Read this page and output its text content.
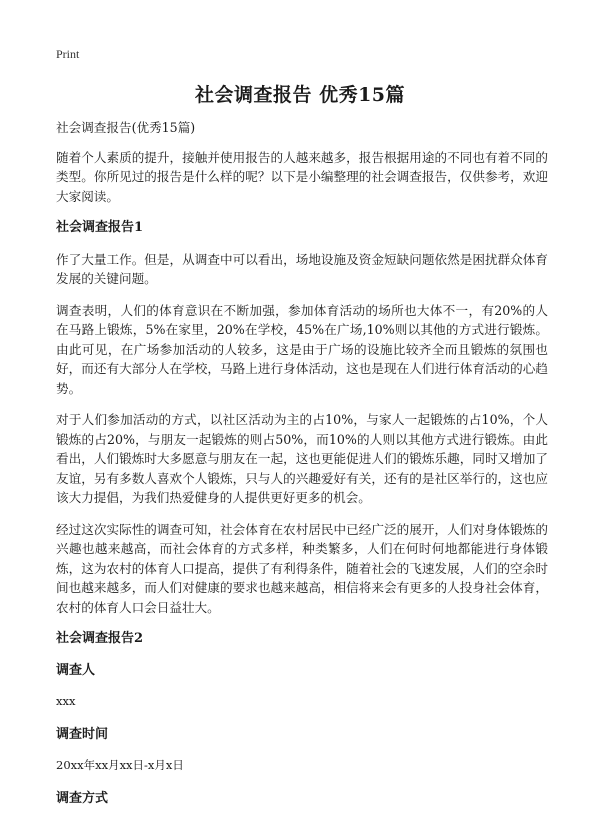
Print
社会调查报告 优秀15篇
社会调查报告(优秀15篇)

随着个人素质的提升，接触并使用报告的人越来越多，报告根据用途的不同也有着不同的类型。你所见过的报告是什么样的呢？以下是小编整理的社会调查报告，仅供参考，欢迎大家阅读。

社会调查报告1

作了大量工作。但是，从调查中可以看出，场地设施及资金短缺问题依然是困扰群众体育发展的关键问题。

调查表明，人们的体育意识在不断加强，参加体育活动的场所也大体不一，有20%的人在马路上锻炼，5%在家里，20%在学校，45%在广场,10%则以其他的方式进行锻炼。由此可见，在广场参加活动的人较多，这是由于广场的设施比较齐全而且锻炼的氛围也好，而还有大部分人在学校，马路上进行身体活动，这也是现在人们进行体育活动的心趋势。

对于人们参加活动的方式，以社区活动为主的占10%，与家人一起锻炼的占10%，个人锻炼的占20%，与朋友一起锻炼的则占50%，而10%的人则以其他方式进行锻炼。由此看出，人们锻炼时大多愿意与朋友在一起，这也更能促进人们的锻炼乐趣，同时又增加了友谊，另有多数人喜欢个人锻炼，只与人的兴趣爱好有关，还有的是社区举行的，这也应该大力提倡，为我们热爱健身的人提供更好更多的机会。

经过这次实际性的调查可知，社会体育在农村居民中已经广泛的展开，人们对身体锻炼的兴趣也越来越高，而社会体育的方式多样，种类繁多，人们在何时何地都能进行身体锻炼，这为农村的体育人口提高，提供了有利得条件，随着社会的飞速发展，人们的空余时间也越来越多，而人们对健康的要求也越来越高，相信将来会有更多的人投身社会体育，农村的体育人口会日益壮大。

社会调查报告2
调查人
xxx
调查时间
20xx年xx月xx日-x月x日
调查方式
